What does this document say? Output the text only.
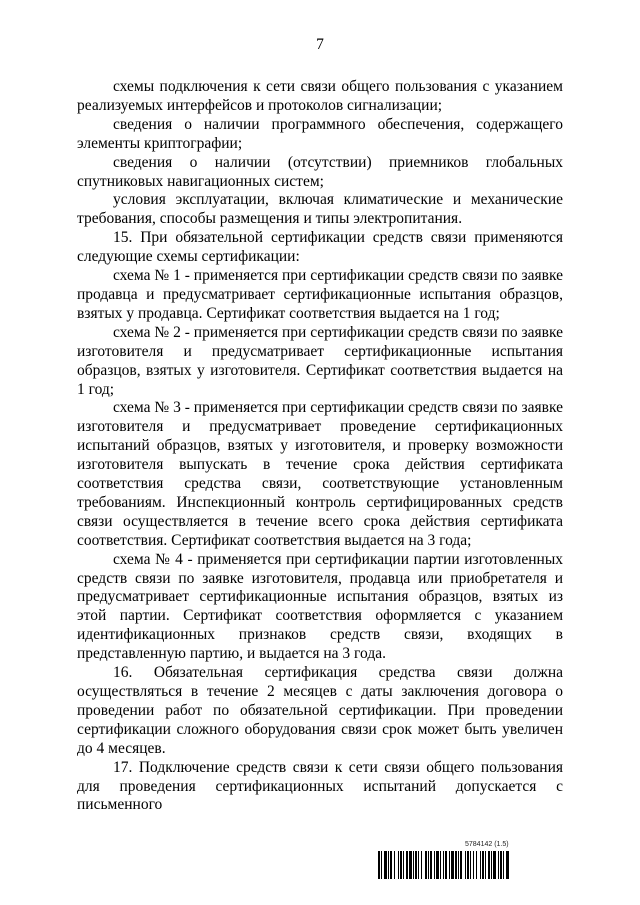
7

схемы подключения к сети связи общего пользования с указанием реализуемых интерфейсов и протоколов сигнализации;

сведения о наличии программного обеспечения, содержащего элементы криптографии;

сведения о наличии (отсутствии) приемников глобальных спутниковых навигационных систем;

условия эксплуатации, включая климатические и механические требования, способы размещения и типы электропитания.

15. При обязательной сертификации средств связи применяются следующие схемы сертификации:

схема № 1 - применяется при сертификации средств связи по заявке продавца и предусматривает сертификационные испытания образцов, взятых у продавца. Сертификат соответствия выдается на 1 год;

схема № 2 - применяется при сертификации средств связи по заявке изготовителя и предусматривает сертификационные испытания образцов, взятых у изготовителя. Сертификат соответствия выдается на 1 год;

схема № 3 - применяется при сертификации средств связи по заявке изготовителя и предусматривает проведение сертификационных испытаний образцов, взятых у изготовителя, и проверку возможности изготовителя выпускать в течение срока действия сертификата соответствия средства связи, соответствующие установленным требованиям. Инспекционный контроль сертифицированных средств связи осуществляется в течение всего срока действия сертификата соответствия. Сертификат соответствия выдается на 3 года;

схема № 4 - применяется при сертификации партии изготовленных средств связи по заявке изготовителя, продавца или приобретателя и предусматривает сертификационные испытания образцов, взятых из этой партии. Сертификат соответствия оформляется с указанием идентификационных признаков средств связи, входящих в представленную партию, и выдается на 3 года.

16. Обязательная сертификация средства связи должна осуществляться в течение 2 месяцев с даты заключения договора о проведении работ по обязательной сертификации. При проведении сертификации сложного оборудования связи срок может быть увеличен до 4 месяцев.

17. Подключение средств связи к сети связи общего пользования для проведения сертификационных испытаний допускается с письменного

5784142 (1.5)
